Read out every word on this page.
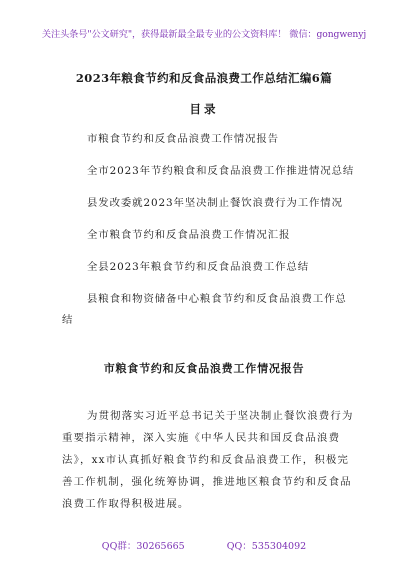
关注头条号"公文研究"，获得最新最全最专业的公文资料库！ 微信：gongwenyj
2023年粮食节约和反食品浪费工作总结汇编6篇
目录
市粮食节约和反食品浪费工作情况报告
全市2023年节约粮食和反食品浪费工作推进情况总结
县发改委就2023年坚决制止餐饮浪费行为工作情况
全市粮食节约和反食品浪费工作情况汇报
全县2023年粮食节约和反食品浪费工作总结
县粮食和物资储备中心粮食节约和反食品浪费工作总
结
市粮食节约和反食品浪费工作情况报告
为贯彻落实习近平总书记关于坚决制止餐饮浪费行为
重要指示精神，深入实施《中华人民共和国反食品浪费
法》，xx市认真抓好粮食节约和反食品浪费工作，积极完
善工作机制，强化统筹协调，推进地区粮食节约和反食品
浪费工作取得积极进展。
QQ群：30265665	QQ：535304092
